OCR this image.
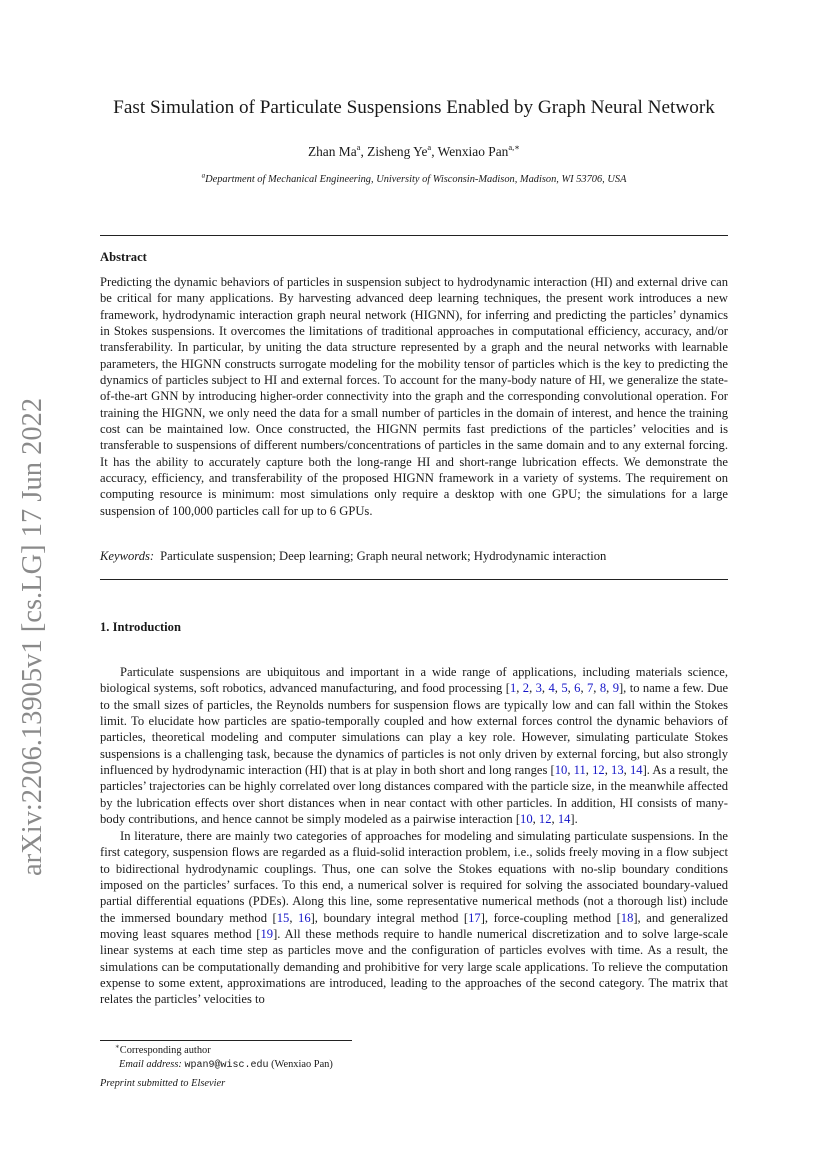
arXiv:2206.13905v1 [cs.LG] 17 Jun 2022
Fast Simulation of Particulate Suspensions Enabled by Graph Neural Network
Zhan Ma$^a$, Zisheng Ye$^a$, Wenxiao Pan$^{a,∗}$
$^a$Department of Mechanical Engineering, University of Wisconsin-Madison, Madison, WI 53706, USA
Abstract

Predicting the dynamic behaviors of particles in suspension subject to hydrodynamic interaction (HI) and external drive can be critical for many applications. By harvesting advanced deep learning techniques, the present work introduces a new framework, hydrodynamic interaction graph neural network (HIGNN), for inferring and predicting the particles’ dynamics in Stokes suspensions. It overcomes the limitations of traditional approaches in computational efficiency, accuracy, and/or transferability. In particular, by uniting the data structure represented by a graph and the neural networks with learnable parameters, the HIGNN constructs surrogate modeling for the mobility tensor of particles which is the key to predicting the dynamics of particles subject to HI and external forces. To account for the many-body nature of HI, we generalize the state-of-the-art GNN by introducing higher-order connectivity into the graph and the corresponding convolutional operation. For training the HIGNN, we only need the data for a small number of particles in the domain of interest, and hence the training cost can be maintained low. Once constructed, the HIGNN permits fast predictions of the particles’ velocities and is transferable to suspensions of different numbers/concentrations of particles in the same domain and to any external forcing. It has the ability to accurately capture both the long-range HI and short-range lubrication effects. We demonstrate the accuracy, efficiency, and transferability of the proposed HIGNN framework in a variety of systems. The requirement on computing resource is minimum: most simulations only require a desktop with one GPU; the simulations for a large suspension of 100,000 particles call for up to 6 GPUs.

Keywords: Particulate suspension; Deep learning; Graph neural network; Hydrodynamic interaction
1. Introduction

Particulate suspensions are ubiquitous and important in a wide range of applications, including materials science, biological systems, soft robotics, advanced manufacturing, and food processing [1, 2, 3, 4, 5, 6, 7, 8, 9], to name a few. Due to the small sizes of particles, the Reynolds numbers for suspension flows are typically low and can fall within the Stokes limit. To elucidate how particles are spatio-temporally coupled and how external forces control the dynamic behaviors of particles, theoretical modeling and computer simulations can play a key role. However, simulating particulate Stokes suspensions is a challenging task, because the dynamics of particles is not only driven by external forcing, but also strongly influenced by hydrodynamic interaction (HI) that is at play in both short and long ranges [10, 11, 12, 13, 14]. As a result, the particles’ trajectories can be highly correlated over long distances compared with the particle size, in the meanwhile affected by the lubrication effects over short distances when in near contact with other particles. In addition, HI consists of many-body contributions, and hence cannot be simply modeled as a pairwise interaction [10, 12, 14].

In literature, there are mainly two categories of approaches for modeling and simulating particulate suspensions. In the first category, suspension flows are regarded as a fluid-solid interaction problem, i.e., solids freely moving in a flow subject to bidirectional hydrodynamic couplings. Thus, one can solve the Stokes equations with no-slip boundary conditions imposed on the particles’ surfaces. To this end, a numerical solver is required for solving the associated boundary-valued partial differential equations (PDEs). Along this line, some representative numerical methods (not a thorough list) include the immersed boundary method [15, 16], boundary integral method [17], force-coupling method [18], and generalized moving least squares method [19]. All these methods require to handle numerical discretization and to solve large-scale linear systems at each time step as particles move and the configuration of particles evolves with time. As a result, the simulations can be computationally demanding and prohibitive for very large scale applications. To relieve the computation expense to some extent, approximations are introduced, leading to the approaches of the second category. The matrix that relates the particles’ velocities to

∗Corresponding author
Email address: wpan9@wisc.edu (Wenxiao Pan)
Preprint submitted to Elsevier
